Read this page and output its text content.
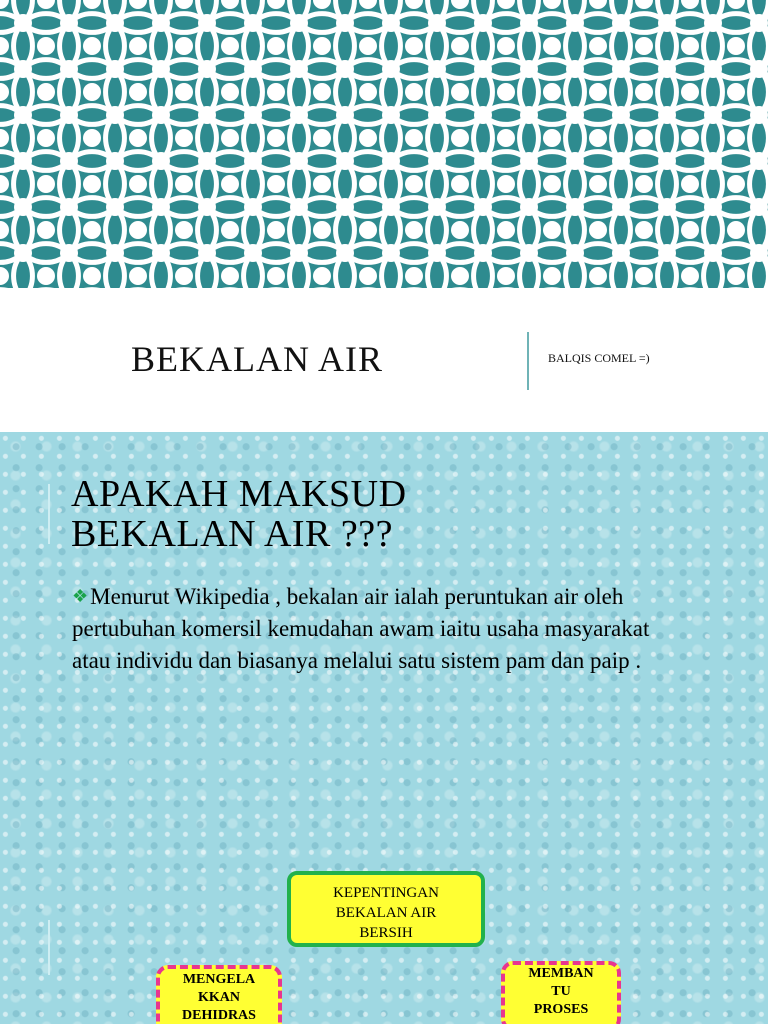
BEKALAN AIR	BALQIS COMEL =)
APAKAH MAKSUD
BEKALAN AIR ???

❖Menurut Wikipedia , bekalan air ialah peruntukan air oleh pertubuhan komersil kemudahan awam iaitu usaha masyarakat atau individu dan biasanya melalui satu sistem pam dan paip .

KEPENTINGAN
BEKALAN AIR
BERSIH
MENGELA
KKAN
DEHIDRAS
MEMBAN
TU
PROSES
